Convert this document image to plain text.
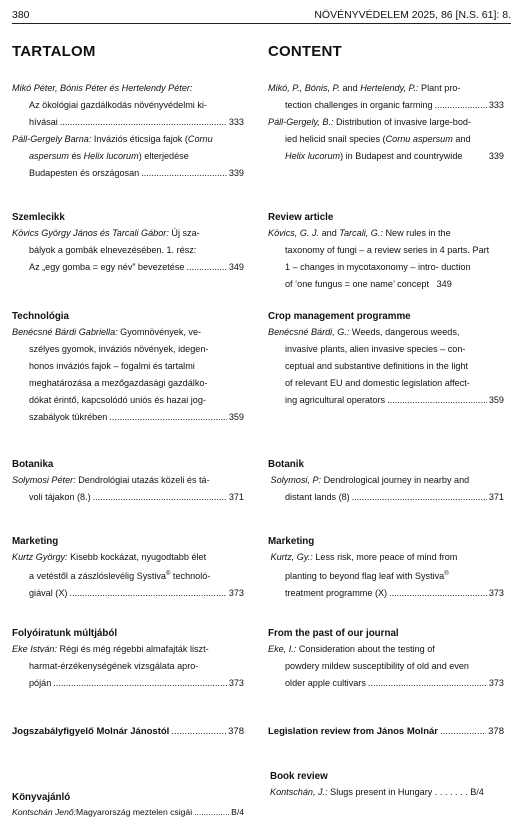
380	NÖVÉNYVÉDELEM 2025, 86 [N.S. 61]: 8.
TARTALOM
Mikó Péter, Bónis Péter és Hertelendy Péter:
Az ökológiai gazdálkodás növényvédelmi ki-
hívásai .....	333
Páll-Gergely Barna: Inváziós éticsiga fajok (Cornu
aspersum és Helix lucorum) elterjedése
Budapesten és országosan .....	339
Szemlecikk
Kövics György János és Tarcali Gábor: Új sza-
bályok a gombák elnevezésében. 1. rész:
Az „egy gomba = egy név” bevezetése .....	349
Technológia
Benécsné Bárdi Gabriella: Gyomnövények, ve-
szélyes gyomok, inváziós növények, idegen-
honos inváziós fajok – fogalmi és tartalmi
meghatározása a mezőgazdasági gazdálko-
dókat érintő, kapcsolódó uniós és hazai jog-
szabályok tükrében .....	359
Botanika
Solymosi Péter: Dendrológiai utazás közeli és tá-
voli tájakon (8.) .....	371
Marketing
Kurtz György: Kisebb kockázat, nyugodtabb élet
a vetéstől a zászlóslevélig Systiva® technoló-
giával (X) .....	373
Folyóiratunk múltjából
Eke István: Régi és még régebbi almafajták liszt-
harmat-érzékenységének vizsgálata apro-
póján .....	373
Jogszabályfigyelő Molnár Jánostól .....	378
Könyvajánló
Kontschán Jenő: Magyarország meztelen csigái .....	B/4
CONTENT
Mikó, P., Bónis, P. and Hertelendy, P.: Plant pro-
tection challenges in organic farming .....	333
Páll-Gergely, B.: Distribution of invasive large-bod-
ied helicid snail species (Cornu aspersum and
Helix lucorum) in Budapest and countrywide	339
Review article
Kövics, G. J. and Tarcali, G.: New rules in the
taxonomy of fungi – a review series in 4 parts. Part
1 – changes in mycotaxonomy – intro- duction
of ‘one fungus = one name’ concept 349
Crop management programme
Benécsné Bárdi, G.: Weeds, dangerous weeds,
invasive plants, alien invasive species – con-
ceptual and substantive definitions in the light
of relevant EU and domestic legislation affect-
ing agricultural operators .....	359
Botanik
Solymosi, P: Dendrological journey in nearby and
distant lands (8) .....	371
Marketing
Kurtz, Gy.: Less risk, more peace of mind from
planting to beyond flag leaf with Systiva®
treatment programme (X) .....	373
From the past of our journal
Eke, I.: Consideration about the testing of
powdery mildew susceptibility of old and even
older apple cultivars .....	373
Legislation review from János Molnár .....	378
Book review
Kontschán, J.: Slugs present in Hungary . . . . . . . B/4
